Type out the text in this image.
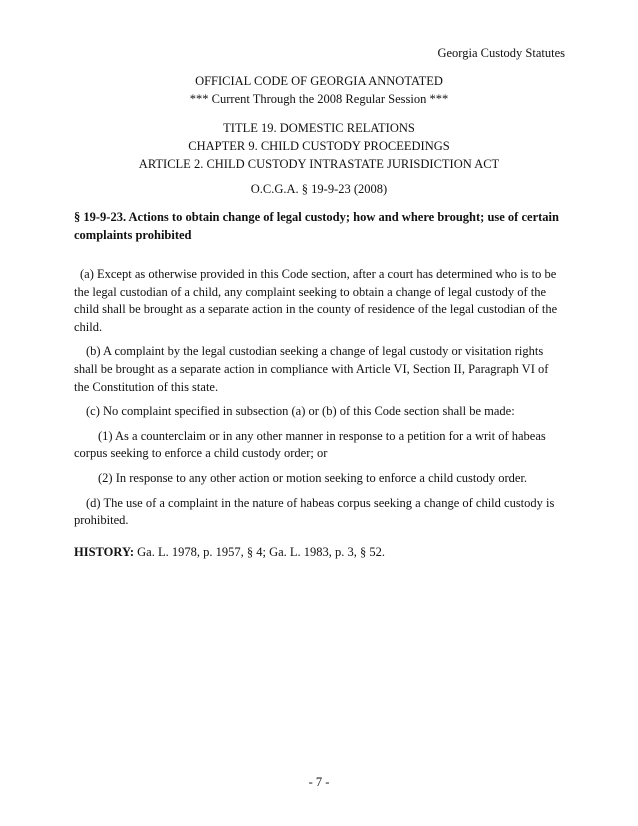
Georgia Custody Statutes
OFFICIAL CODE OF GEORGIA ANNOTATED
*** Current Through the 2008 Regular Session ***
TITLE 19. DOMESTIC RELATIONS
CHAPTER 9. CHILD CUSTODY PROCEEDINGS
ARTICLE 2. CHILD CUSTODY INTRASTATE JURISDICTION ACT
O.C.G.A. § 19-9-23 (2008)
§ 19-9-23. Actions to obtain change of legal custody; how and where brought; use of certain complaints prohibited

(a) Except as otherwise provided in this Code section, after a court has determined who is to be the legal custodian of a child, any complaint seeking to obtain a change of legal custody of the child shall be brought as a separate action in the county of residence of the legal custodian of the child.

(b) A complaint by the legal custodian seeking a change of legal custody or visitation rights shall be brought as a separate action in compliance with Article VI, Section II, Paragraph VI of the Constitution of this state.

(c) No complaint specified in subsection (a) or (b) of this Code section shall be made:

(1) As a counterclaim or in any other manner in response to a petition for a writ of habeas corpus seeking to enforce a child custody order; or

(2) In response to any other action or motion seeking to enforce a child custody order.

(d) The use of a complaint in the nature of habeas corpus seeking a change of child custody is prohibited.

HISTORY: Ga. L. 1978, p. 1957, § 4; Ga. L. 1983, p. 3, § 52.

- 7 -
